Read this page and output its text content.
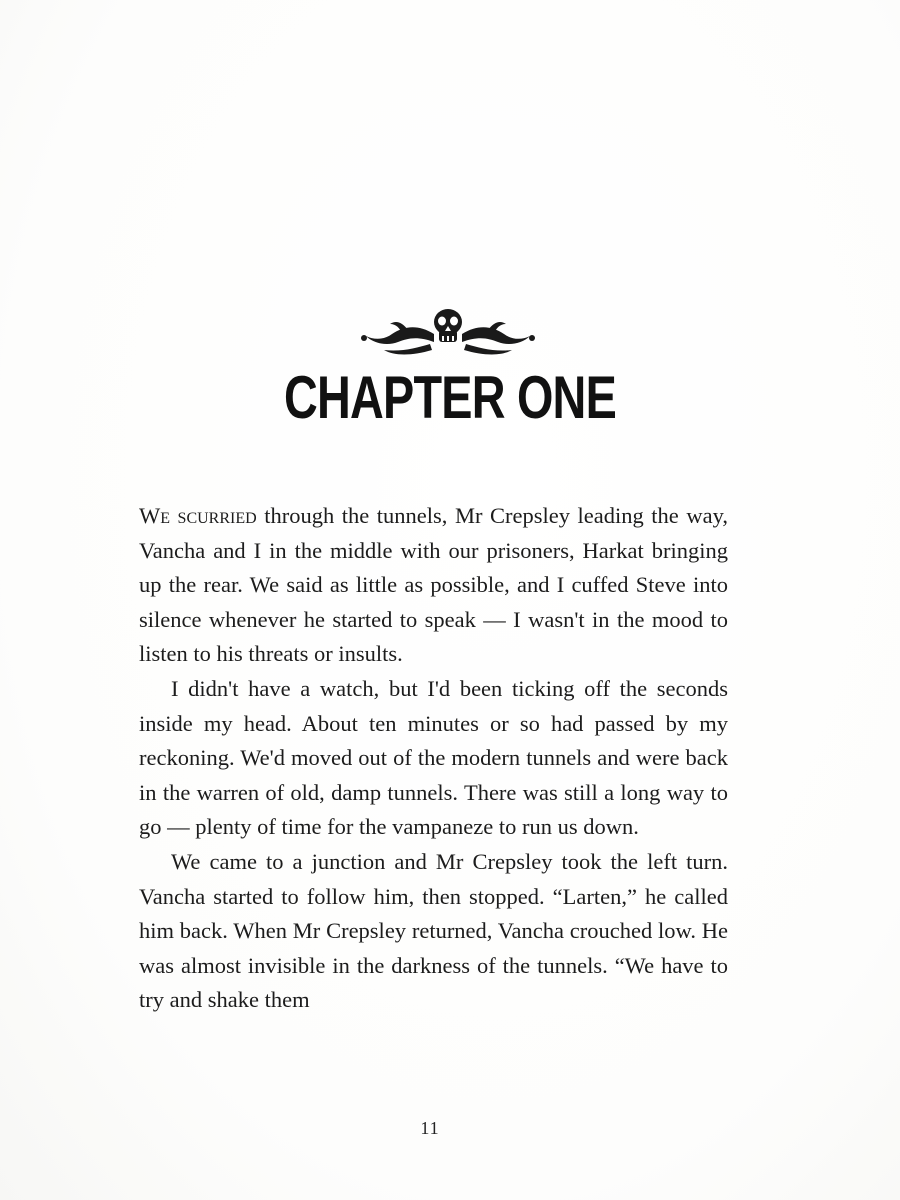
CHAPTER ONE

We scurried through the tunnels, Mr Crepsley leading the way, Vancha and I in the middle with our prisoners, Harkat bringing up the rear. We said as little as possible, and I cuffed Steve into silence whenever he started to speak — I wasn't in the mood to listen to his threats or insults.

I didn't have a watch, but I'd been ticking off the seconds inside my head. About ten minutes or so had passed by my reckoning. We'd moved out of the modern tunnels and were back in the warren of old, damp tunnels. There was still a long way to go — plenty of time for the vampaneze to run us down.

We came to a junction and Mr Crepsley took the left turn. Vancha started to follow him, then stopped. “Larten,” he called him back. When Mr Crepsley returned, Vancha crouched low. He was almost invisible in the darkness of the tunnels. “We have to try and shake them

11
